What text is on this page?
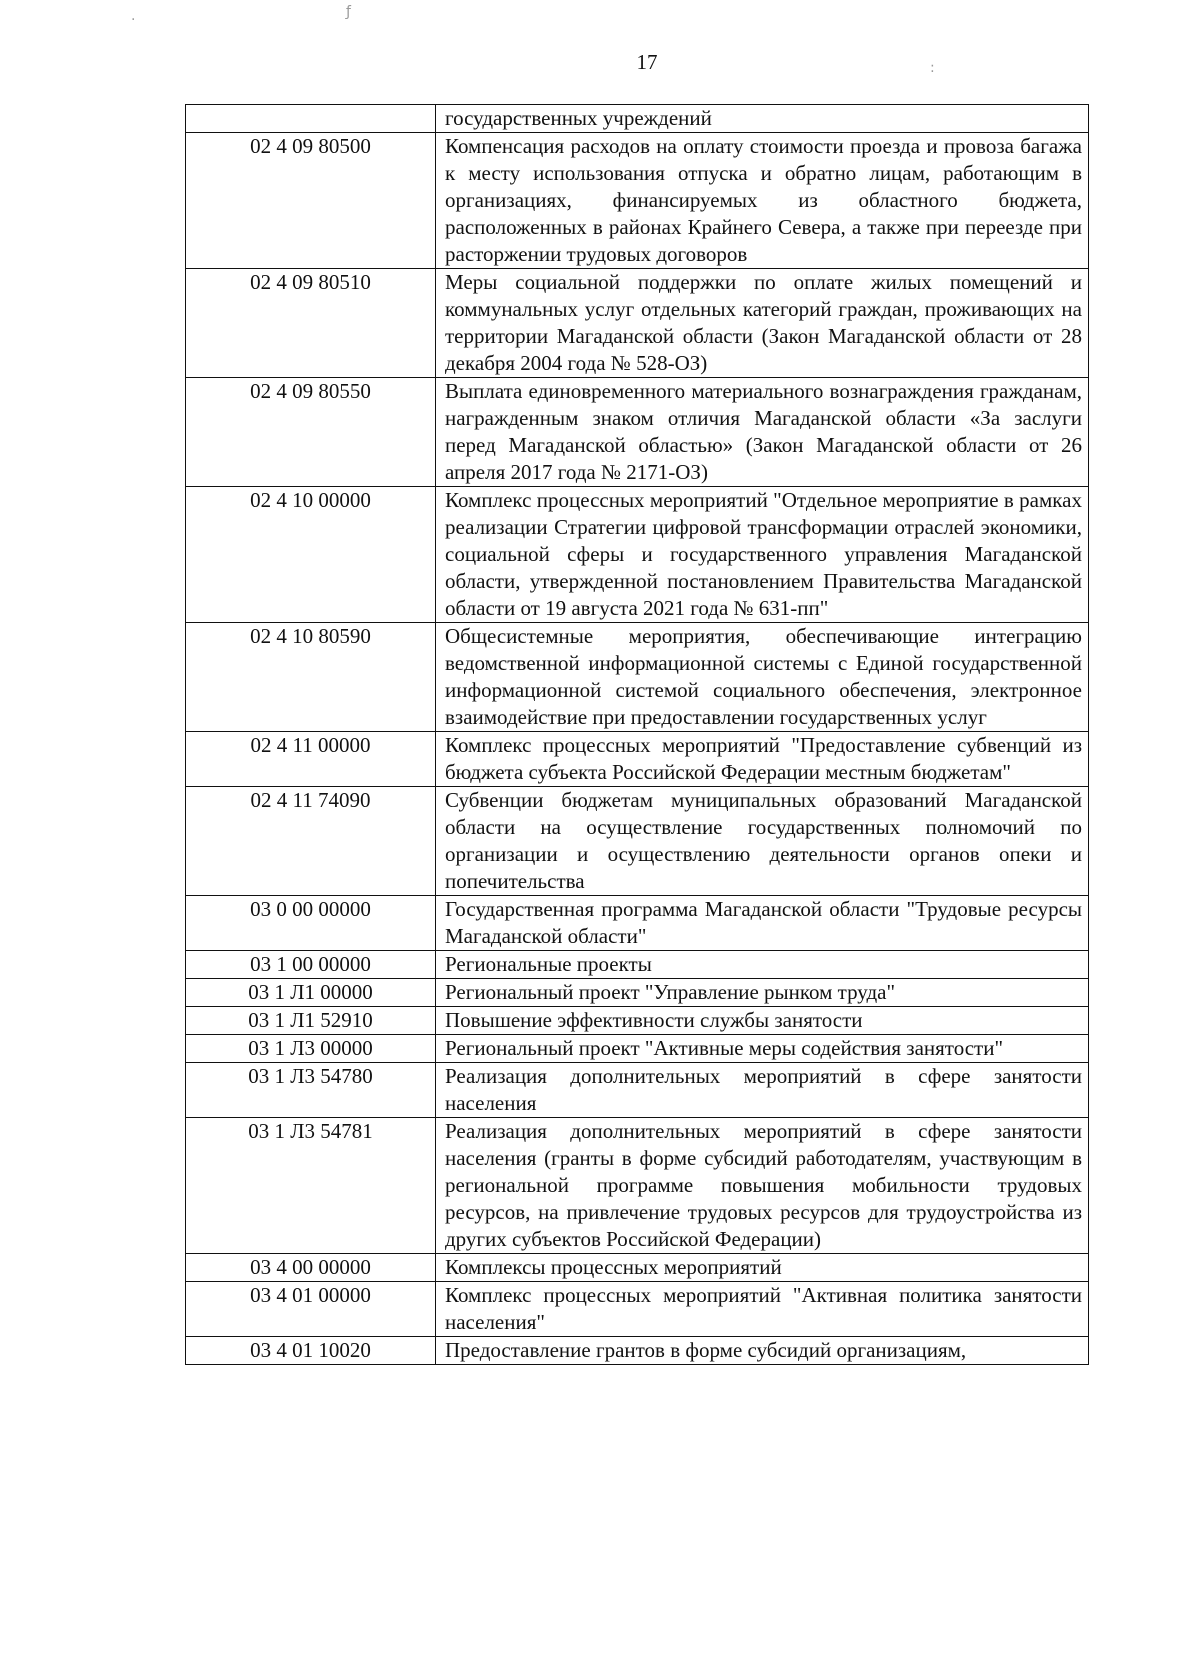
·	ƒ
:
17
	государственных учреждений
02 4 09 80500	Компенсация расходов на оплату стоимости проезда и провоза багажа к месту использования отпуска и обратно лицам, работающим в организациях, финансируемых из областного бюджета, расположенных в районах Крайнего Севера, а также при переезде при расторжении трудовых договоров
02 4 09 80510	Меры социальной поддержки по оплате жилых помещений и коммунальных услуг отдельных категорий граждан, проживающих на территории Магаданской области (Закон Магаданской области от 28 декабря 2004 года № 528-ОЗ)
02 4 09 80550	Выплата единовременного материального вознаграждения гражданам, награжденным знаком отличия Магаданской области «За заслуги перед Магаданской областью» (Закон Магаданской области от 26 апреля 2017 года № 2171-ОЗ)
02 4 10 00000	Комплекс процессных мероприятий "Отдельное мероприятие в рамках реализации Стратегии цифровой трансформации отраслей экономики, социальной сферы и государственного управления Магаданской области, утвержденной постановлением Правительства Магаданской области от 19 августа 2021 года № 631-пп"
02 4 10 80590	Общесистемные мероприятия, обеспечивающие интеграцию ведомственной информационной системы с Единой государственной информационной системой социального обеспечения, электронное взаимодействие при предоставлении государственных услуг
02 4 11 00000	Комплекс процессных мероприятий "Предоставление субвенций из бюджета субъекта Российской Федерации местным бюджетам"
02 4 11 74090	Субвенции бюджетам муниципальных образований Магаданской области на осуществление государственных полномочий по организации и осуществлению деятельности органов опеки и попечительства
03 0 00 00000	Государственная программа Магаданской области "Трудовые ресурсы Магаданской области"
03 1 00 00000	Региональные проекты
03 1 Л1 00000	Региональный проект "Управление рынком труда"
03 1 Л1 52910	Повышение эффективности службы занятости
03 1 Л3 00000	Региональный проект "Активные меры содействия занятости"
03 1 Л3 54780	Реализация дополнительных мероприятий в сфере занятости населения
03 1 Л3 54781	Реализация дополнительных мероприятий в сфере занятости населения (гранты в форме субсидий работодателям, участвующим в региональной программе повышения мобильности трудовых ресурсов, на привлечение трудовых ресурсов для трудоустройства из других субъектов Российской Федерации)
03 4 00 00000	Комплексы процессных мероприятий
03 4 01 00000	Комплекс процессных мероприятий "Активная политика занятости населения"
03 4 01 10020	Предоставление грантов в форме субсидий организациям,
